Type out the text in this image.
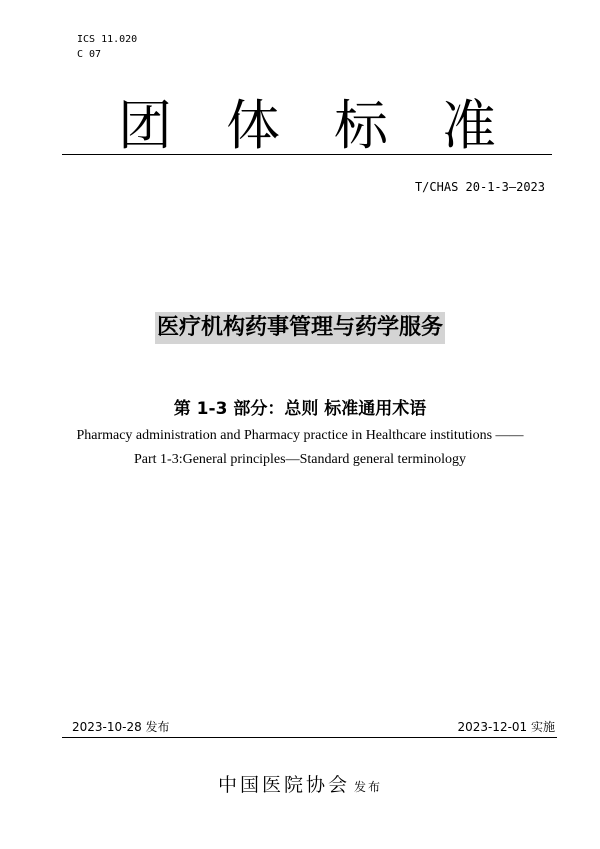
ICS 11.020
C 07
团体标准
T/CHAS 20-1-3—2023
医疗机构药事管理与药学服务
第 1-3 部分：总则 标准通用术语
Pharmacy administration and Pharmacy practice in Healthcare institutions ——
Part 1-3:General principles—Standard general terminology
2023-10-28 发布	2023-12-01 实施
中国医院协会 发布
